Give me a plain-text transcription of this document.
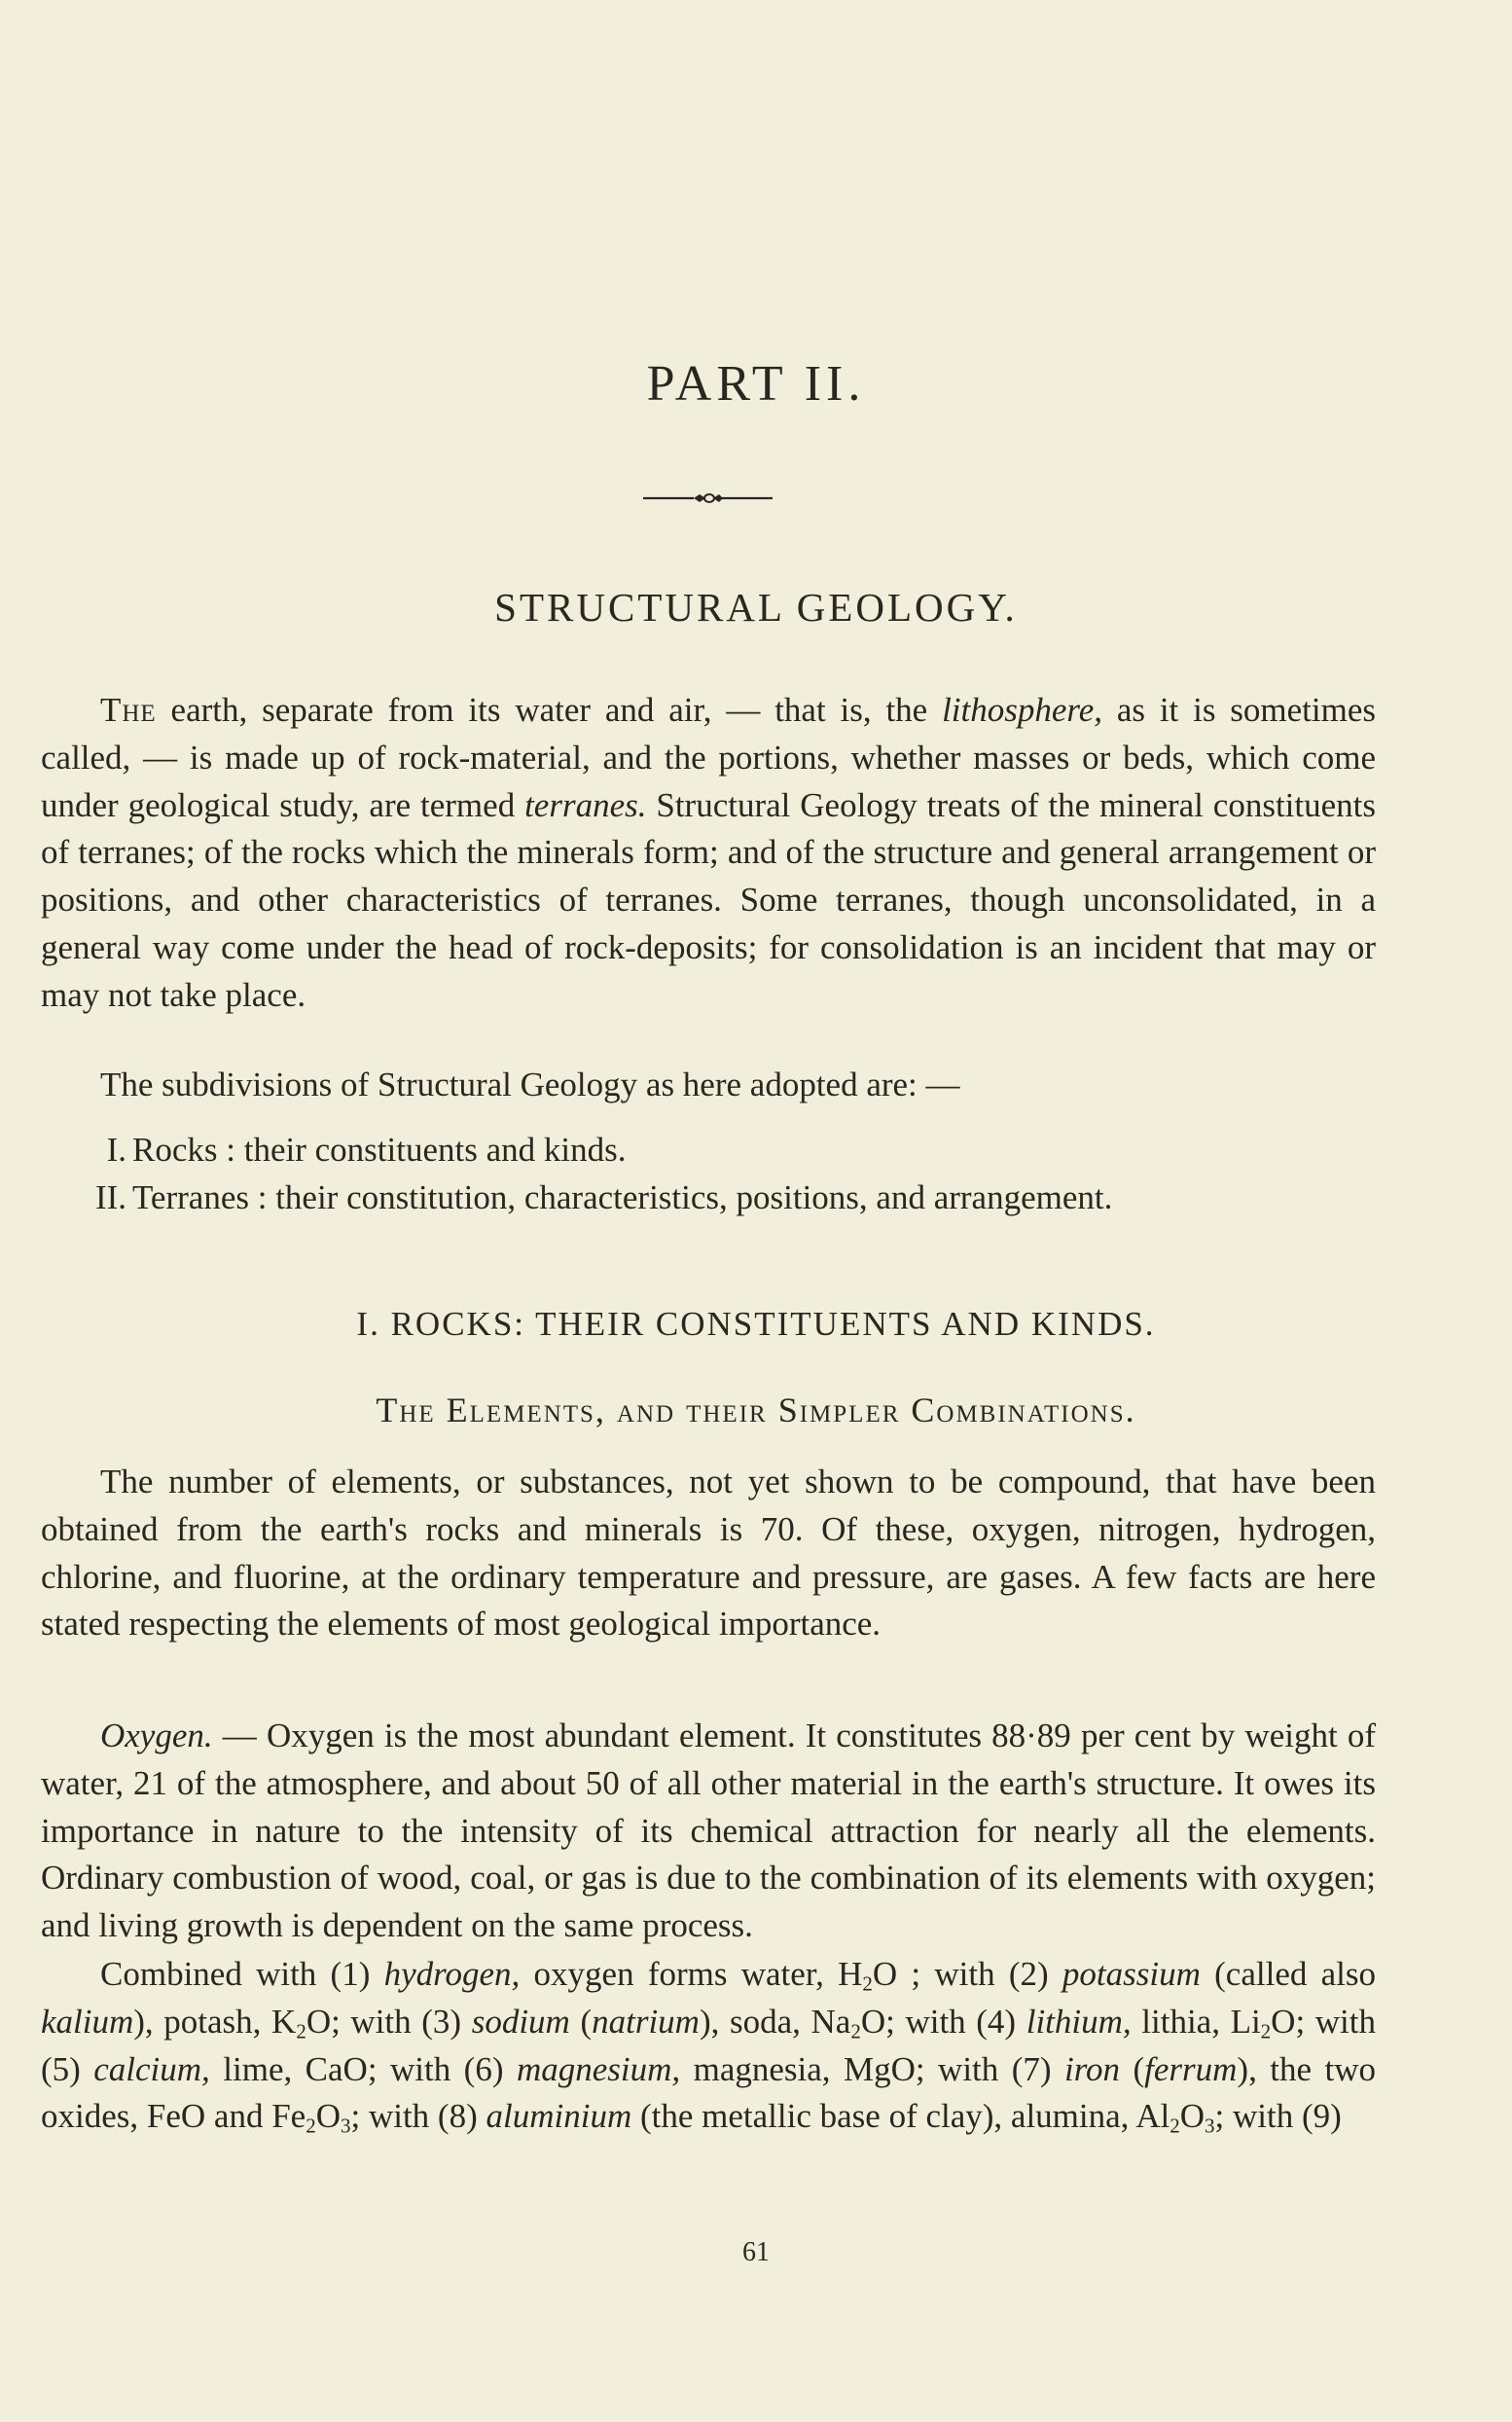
PART II.
STRUCTURAL GEOLOGY.

The earth, separate from its water and air, — that is, the lithosphere, as it is sometimes called, — is made up of rock-material, and the portions, whether masses or beds, which come under geological study, are termed terranes. Structural Geology treats of the mineral constituents of terranes; of the rocks which the minerals form; and of the structure and general arrangement or positions, and other characteristics of terranes. Some terranes, though unconsolidated, in a general way come under the head of rock-deposits; for consolidation is an incident that may or may not take place.

The subdivisions of Structural Geology as here adopted are: —

I. Rocks : their constituents and kinds.
II. Terranes : their constitution, characteristics, positions, and arrangement.
I. ROCKS: THEIR CONSTITUENTS AND KINDS.
The Elements, and their Simpler Combinations.

The number of elements, or substances, not yet shown to be compound, that have been obtained from the earth's rocks and minerals is 70. Of these, oxygen, nitrogen, hydrogen, chlorine, and fluorine, at the ordinary temperature and pressure, are gases. A few facts are here stated respecting the elements of most geological importance.

Oxygen. — Oxygen is the most abundant element. It constitutes 88·89 per cent by weight of water, 21 of the atmosphere, and about 50 of all other material in the earth's structure. It owes its importance in nature to the intensity of its chemical attraction for nearly all the elements. Ordinary combustion of wood, coal, or gas is due to the combination of its elements with oxygen; and living growth is dependent on the same process.

Combined with (1) hydrogen, oxygen forms water, $H_2O$ ; with (2) potassium (called also kalium), potash, $K_2O$; with (3) sodium (natrium), soda, $Na_2O$; with (4) lithium, lithia, $Li_2O$; with (5) calcium, lime, CaO; with (6) magnesium, magnesia, MgO; with (7) iron (ferrum), the two oxides, FeO and $Fe_2O_3$; with (8) aluminium (the metallic base of clay), alumina, $Al_2O_3$; with (9)

61
